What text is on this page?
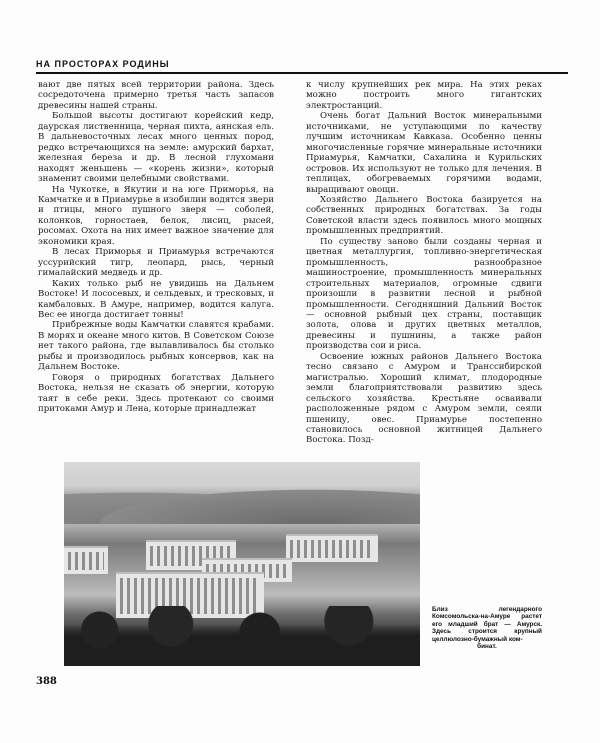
НА ПРОСТОРАХ РОДИНЫ

вают две пятых всей территории района. Здесь сосредоточена примерно третья часть запасов древесины нашей страны.

Большой высоты достигают корейский кедр, даурская лиственница, черная пихта, аянская ель. В дальневосточных лесах много ценных пород, редко встречающихся на земле: амурский бархат, железная береза и др. В лесной глухомани находят женьшень — «корень жизни», который знаменит своими целебными свойствами.

На Чукотке, в Якутии и на юге Приморья, на Камчатке и в Приамурье в изобилии водятся звери и птицы, много пушного зверя — соболей, колонков, горностаев, белок, лисиц, рысей, росомах. Охота на них имеет важное значение для экономики края.

В лесах Приморья и Приамурья встречаются уссурийский тигр, леопард, рысь, черный гималайский медведь и др.

Каких только рыб не увидишь на Дальнем Востоке! И лососевых, и сельдевых, и тресковых, и камбаловых. В Амуре, например, водится калуга. Вес ее иногда достигает тонны!

Прибрежные воды Камчатки славятся крабами. В морях и океане много китов. В Советском Союзе нет такого района, где вылавливалось бы столько рыбы и производилось рыбных консервов, как на Дальнем Востоке.

Говоря о природных богатствах Дальнего Востока, нельзя не сказать об энергии, которую таят в себе реки. Здесь протекают со своими притоками Амур и Лена, которые принадлежат

к числу крупнейших рек мира. На этих реках можно построить много гигантских электростанций.

Очень богат Дальний Восток минеральными источниками, не уступающими по качеству лучшим источникам Кавказа. Особенно ценны многочисленные горячие минеральные источники Приамурья, Камчатки, Сахалина и Курильских островов. Их используют не только для лечения. В теплицах, обогреваемых горячими водами, выращивают овощи.

Хозяйство Дальнего Востока базируется на собственных природных богатствах. За годы Советской власти здесь появилось много мощных промышленных предприятий.

По существу заново были созданы черная и цветная металлургия, топливно-энергетическая промышленность, разнообразное машиностроение, промышленность минеральных строительных материалов, огромные сдвиги произошли в развитии лесной и рыбной промышленности. Сегодняшний Дальний Восток — основной рыбный цех страны, поставщик золота, олова и других цветных металлов, древесины и пушнины, а также район производства сои и риса.

Освоение южных районов Дальнего Востока тесно связано с Амуром и Транссибирской магистралью. Хороший климат, плодородные земли благоприятствовали развитию здесь сельского хозяйства. Крестьяне осваивали расположенные рядом с Амуром земли, сеяли пшеницу, овес. Приамурье постепенно становилось основной житницей Дальнего Востока. Позд-

Близ легендарного Комсомольска-на-Амуре растет его младший брат — Амурск. Здесь строится крупный целлюлозно-бумажный ком-
бинат.
388
